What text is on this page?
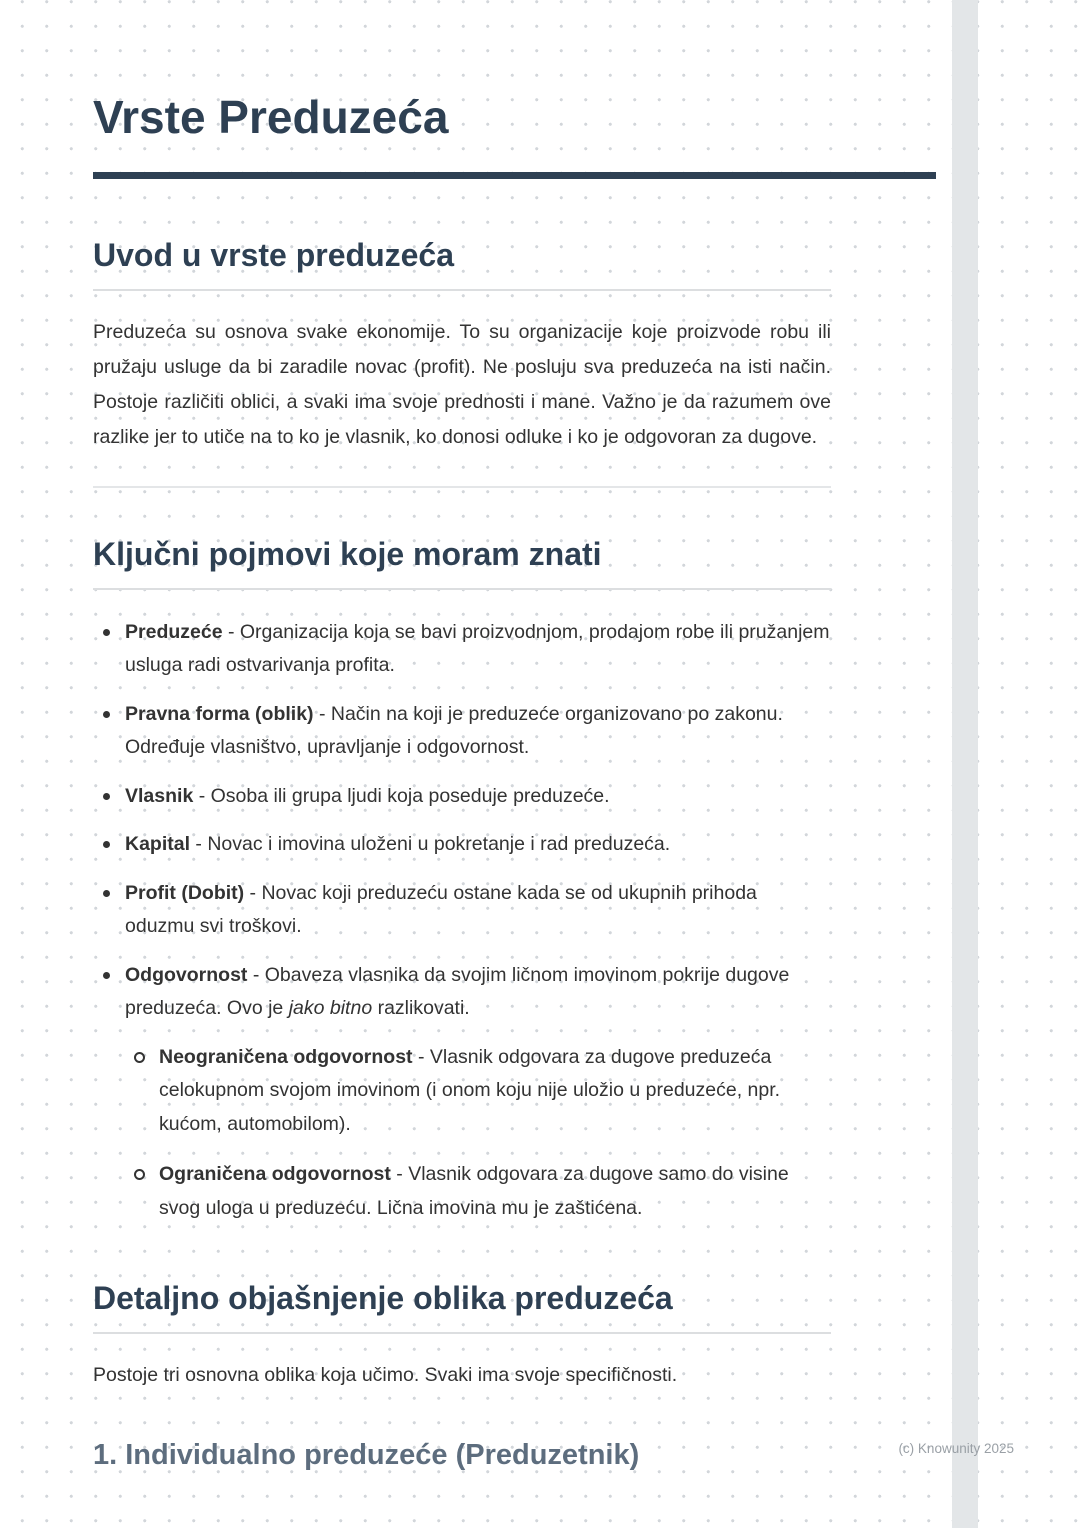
Vrste Preduzeća
Uvod u vrste preduzeća

Preduzeća su osnova svake ekonomije. To su organizacije koje proizvode robu ili pružaju usluge da bi zaradile novac (profit). Ne posluju sva preduzeća na isti način. Postoje različiti oblici, a svaki ima svoje prednosti i mane. Važno je da razumem ove razlike jer to utiče na to ko je vlasnik, ko donosi odluke i ko je odgovoran za dugove.

Ključni pojmovi koje moram znati
Preduzeće - Organizacija koja se bavi proizvodnjom, prodajom robe ili pružanjem usluga radi ostvarivanja profita.
Pravna forma (oblik) - Način na koji je preduzeće organizovano po zakonu. Određuje vlasništvo, upravljanje i odgovornost.
Vlasnik - Osoba ili grupa ljudi koja poseduje preduzeće.
Kapital - Novac i imovina uloženi u pokretanje i rad preduzeća.
Profit (Dobit) - Novac koji preduzeću ostane kada se od ukupnih prihoda oduzmu svi troškovi.
Odgovornost - Obaveza vlasnika da svojim ličnom imovinom pokrije dugove preduzeća. Ovo je jako bitno razlikovati.
Neograničena odgovornost - Vlasnik odgovara za dugove preduzeća celokupnom svojom imovinom (i onom koju nije uložio u preduzeće, npr. kućom, automobilom).
Ograničena odgovornost - Vlasnik odgovara za dugove samo do visine svog uloga u preduzeću. Lična imovina mu je zaštićena.
Detaljno objašnjenje oblika preduzeća

Postoje tri osnovna oblika koja učimo. Svaki ima svoje specifičnosti.

1. Individualno preduzeće (Preduzetnik)	(c) Knowunity 2025
